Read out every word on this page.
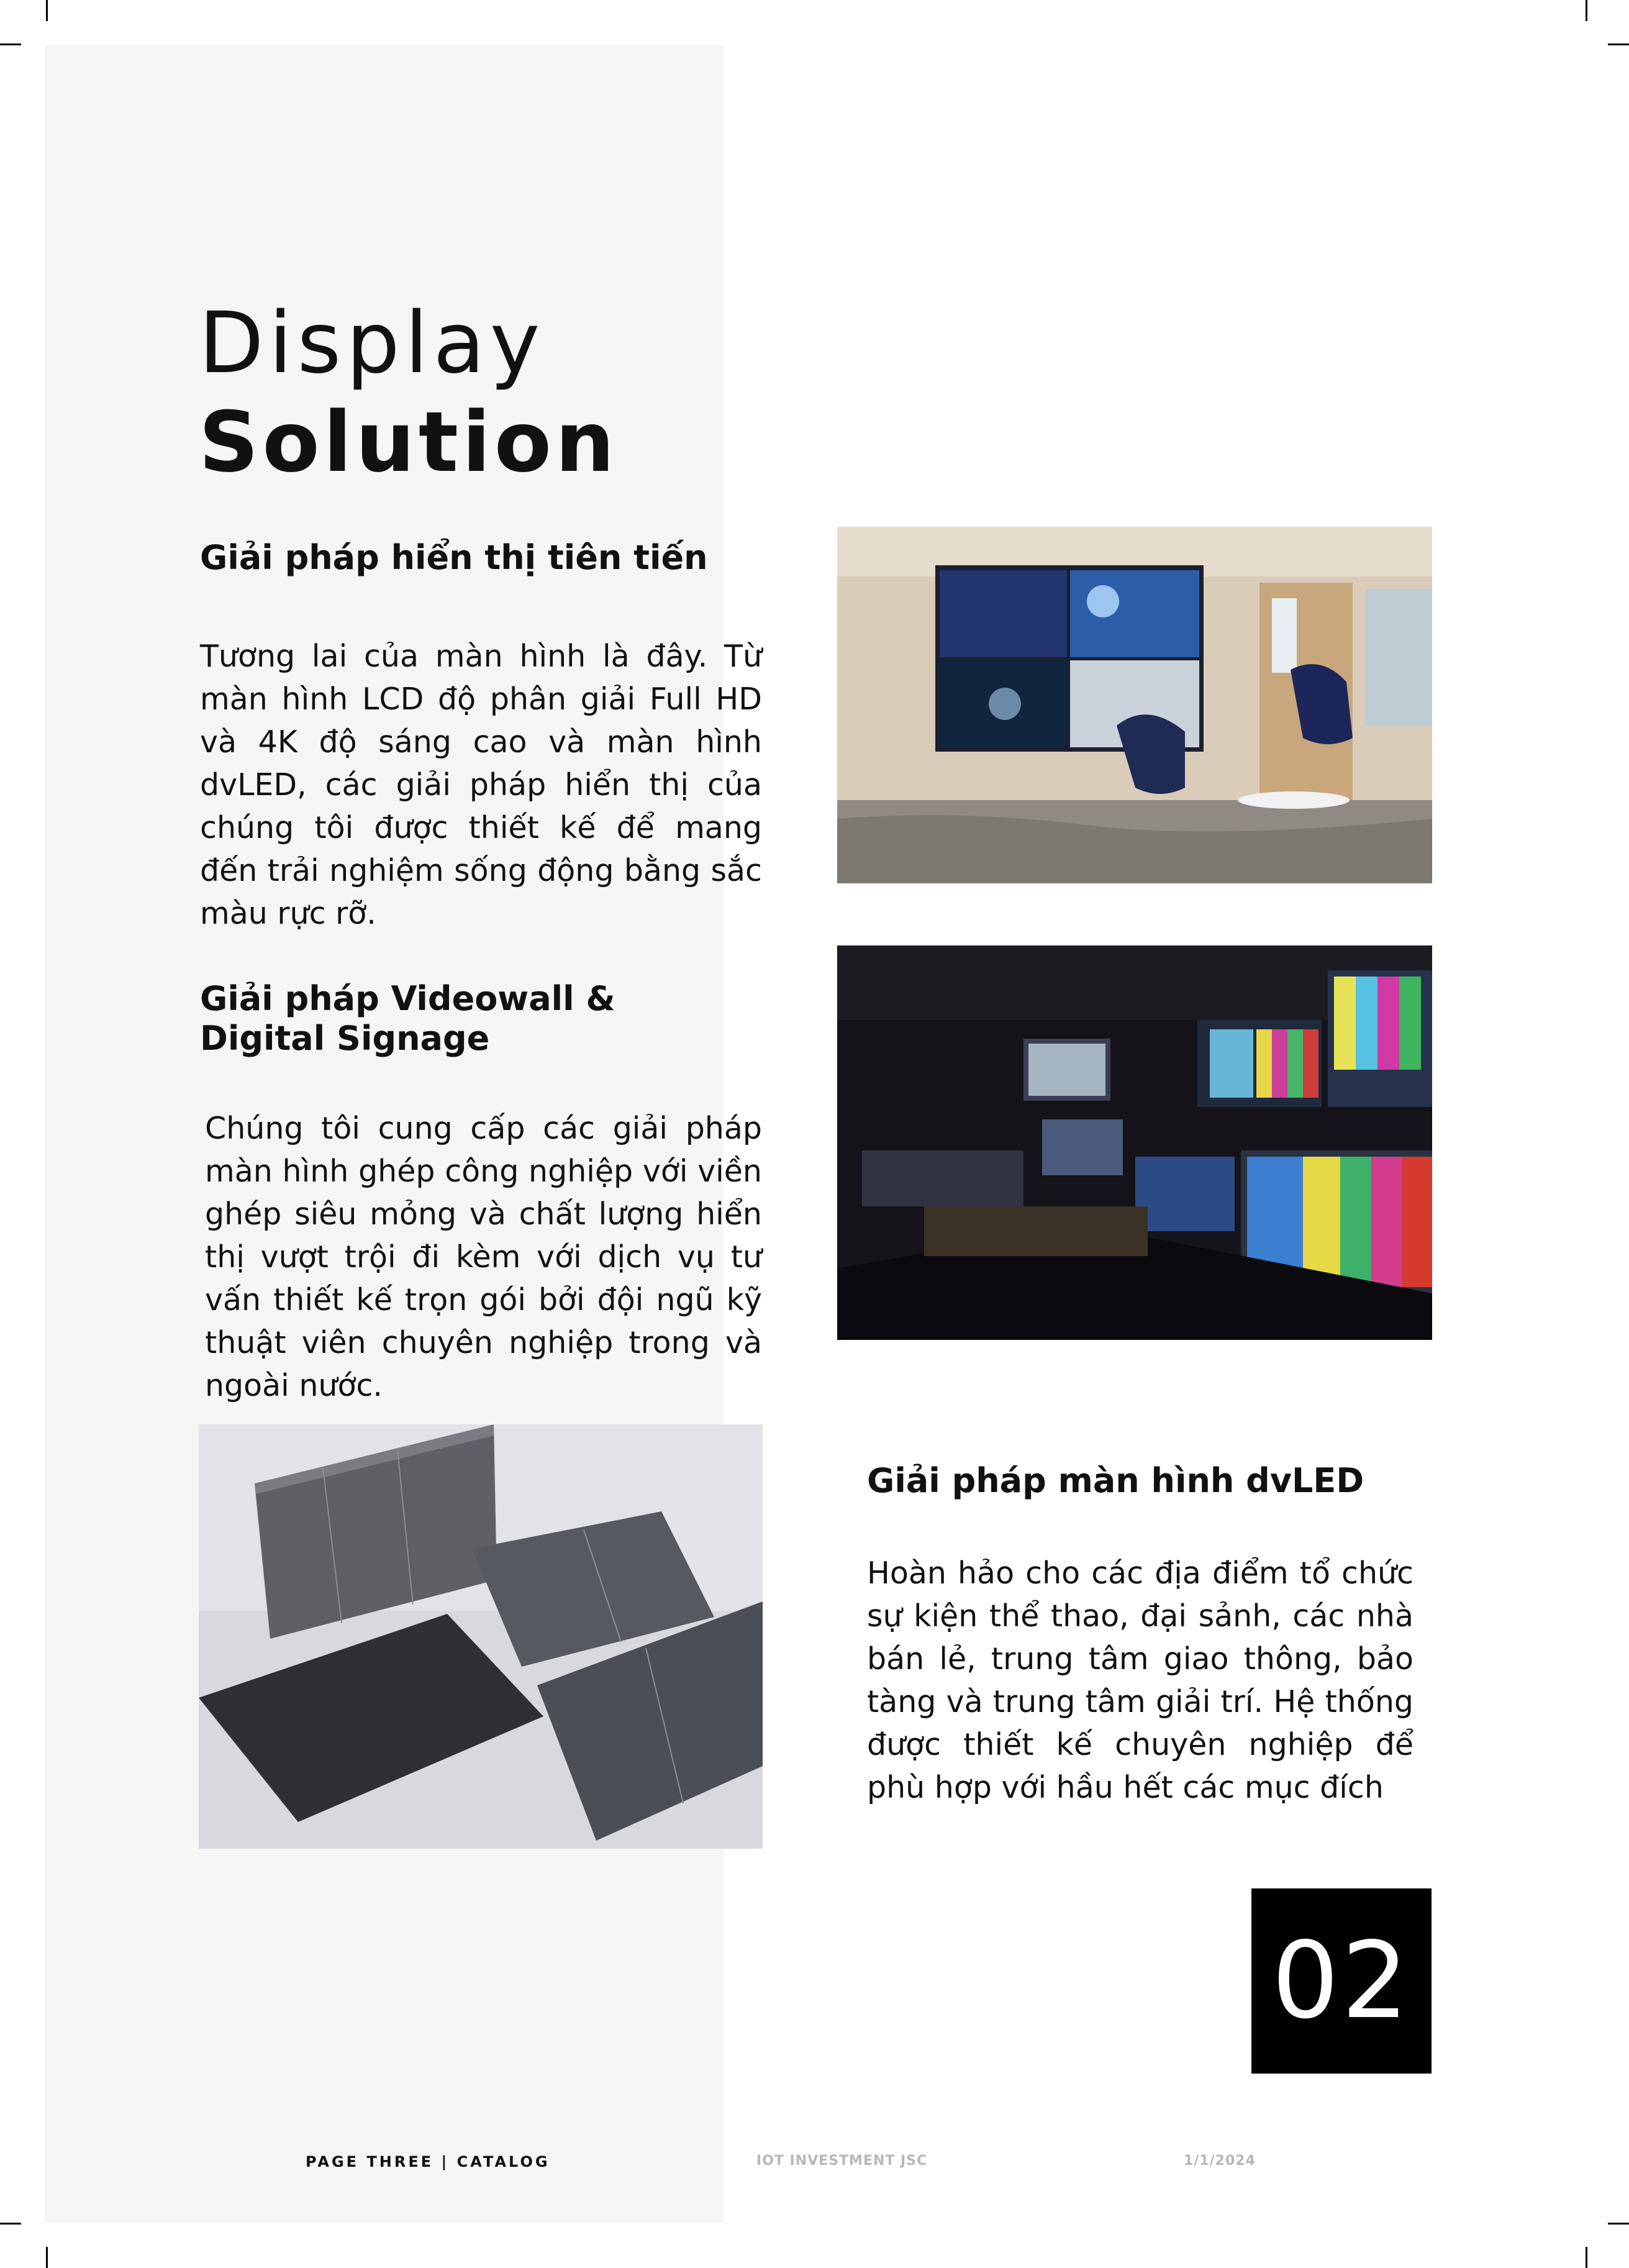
Display
Solution
Giải pháp hiển thị tiên tiến
Tương lai của màn hình là đây. Từ màn hình LCD độ phân giải Full HD và 4K độ sáng cao và màn hình dvLED, các giải pháp hiển thị của chúng tôi được thiết kế để mang đến trải nghiệm sống động bằng sắc màu rực rỡ.
Giải pháp Videowall & Digital Signage
Chúng tôi cung cấp các giải pháp màn hình ghép công nghiệp với viền ghép siêu mỏng và chất lượng hiển thị vượt trội đi kèm với dịch vụ tư vấn thiết kế trọn gói bởi đội ngũ kỹ thuật viên chuyên nghiệp trong và ngoài nước.
Giải pháp màn hình dvLED
Hoàn hảo cho các địa điểm tổ chức sự kiện thể thao, đại sảnh, các nhà bán lẻ, trung tâm giao thông, bảo tàng và trung tâm giải trí. Hệ thống được thiết kế chuyên nghiệp để phù hợp với hầu hết các mục đích
02
PAGE THREE | CATALOG	IOT INVESTMENT JSC	1/1/2024
